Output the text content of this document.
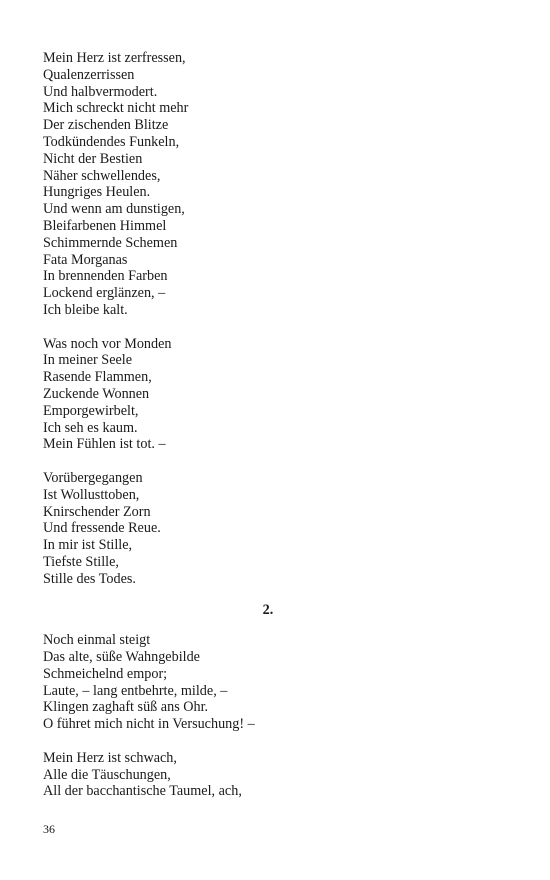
Mein Herz ist zerfressen,
Qualenzerrissen
Und halbvermodert.
Mich schreckt nicht mehr
Der zischenden Blitze
Todkündendes Funkeln,
Nicht der Bestien
Näher schwellendes,
Hungriges Heulen.
Und wenn am dunstigen,
Bleifarbenen Himmel
Schimmernde Schemen
Fata Morganas
In brennenden Farben
Lockend erglänzen, –
Ich bleibe kalt.
Was noch vor Monden
In meiner Seele
Rasende Flammen,
Zuckende Wonnen
Emporgewirbelt,
Ich seh es kaum.
Mein Fühlen ist tot. –
Vorübergegangen
Ist Wollusttoben,
Knirschender Zorn
Und fressende Reue.
In mir ist Stille,
Tiefste Stille,
Stille des Todes.
2.
Noch einmal steigt
Das alte, süße Wahngebilde
Schmeichelnd empor;
Laute, – lang entbehrte, milde, –
Klingen zaghaft süß ans Ohr.
O führet mich nicht in Versuchung! –
Mein Herz ist schwach,
Alle die Täuschungen,
All der bacchantische Taumel, ach,
36
